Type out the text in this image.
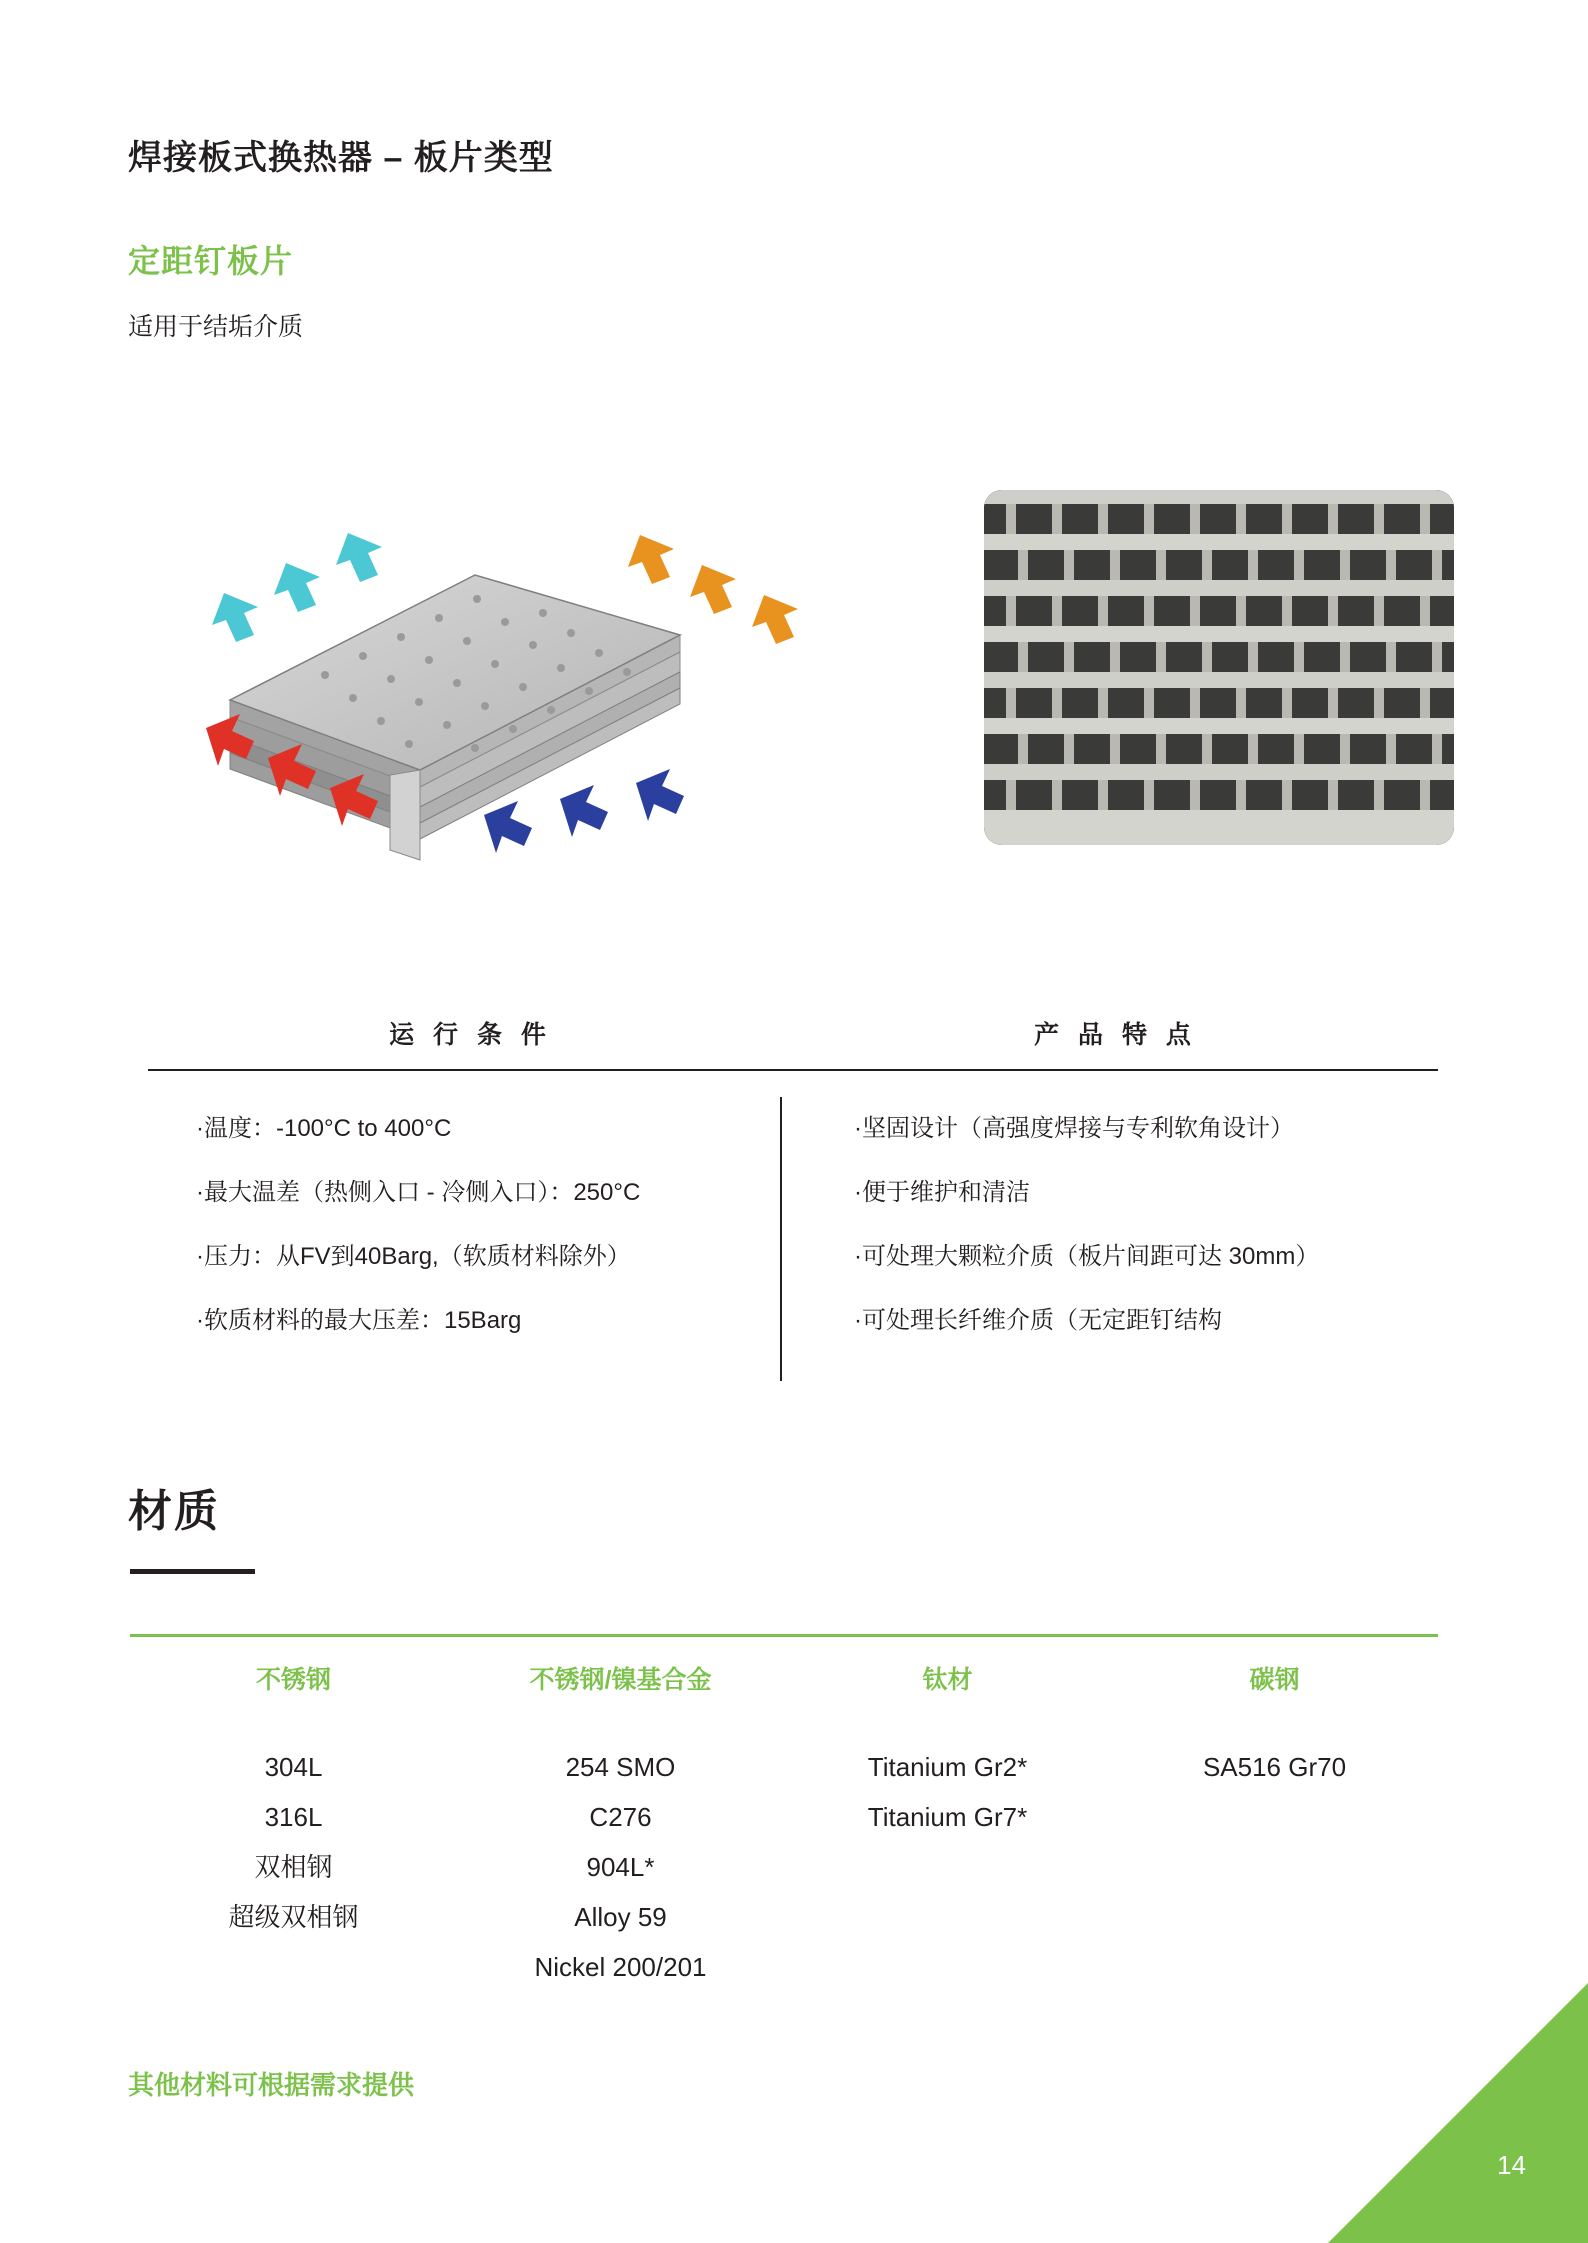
焊接板式换热器 – 板片类型
定距钉板片
适用于结垢介质
运 行 条 件	产 品 特 点
·温度：-100°C to 400°C
·最大温差（热侧入口 - 冷侧入口）：250°C
·压力：从FV到40Barg,（软质材料除外）
·软质材料的最大压差：15Barg
·坚固设计（高强度焊接与专利软角设计）
·便于维护和清洁
·可处理大颗粒介质（板片间距可达 30mm）
·可处理长纤维介质（无定距钉结构
材质
不锈钢
304L
316L
双相钢
超级双相钢
不锈钢/镍基合金
254 SMO
C276
904L*
Alloy 59
Nickel 200/201
钛材
Titanium Gr2*
Titanium Gr7*
碳钢
SA516 Gr70
其他材料可根据需求提供
14
